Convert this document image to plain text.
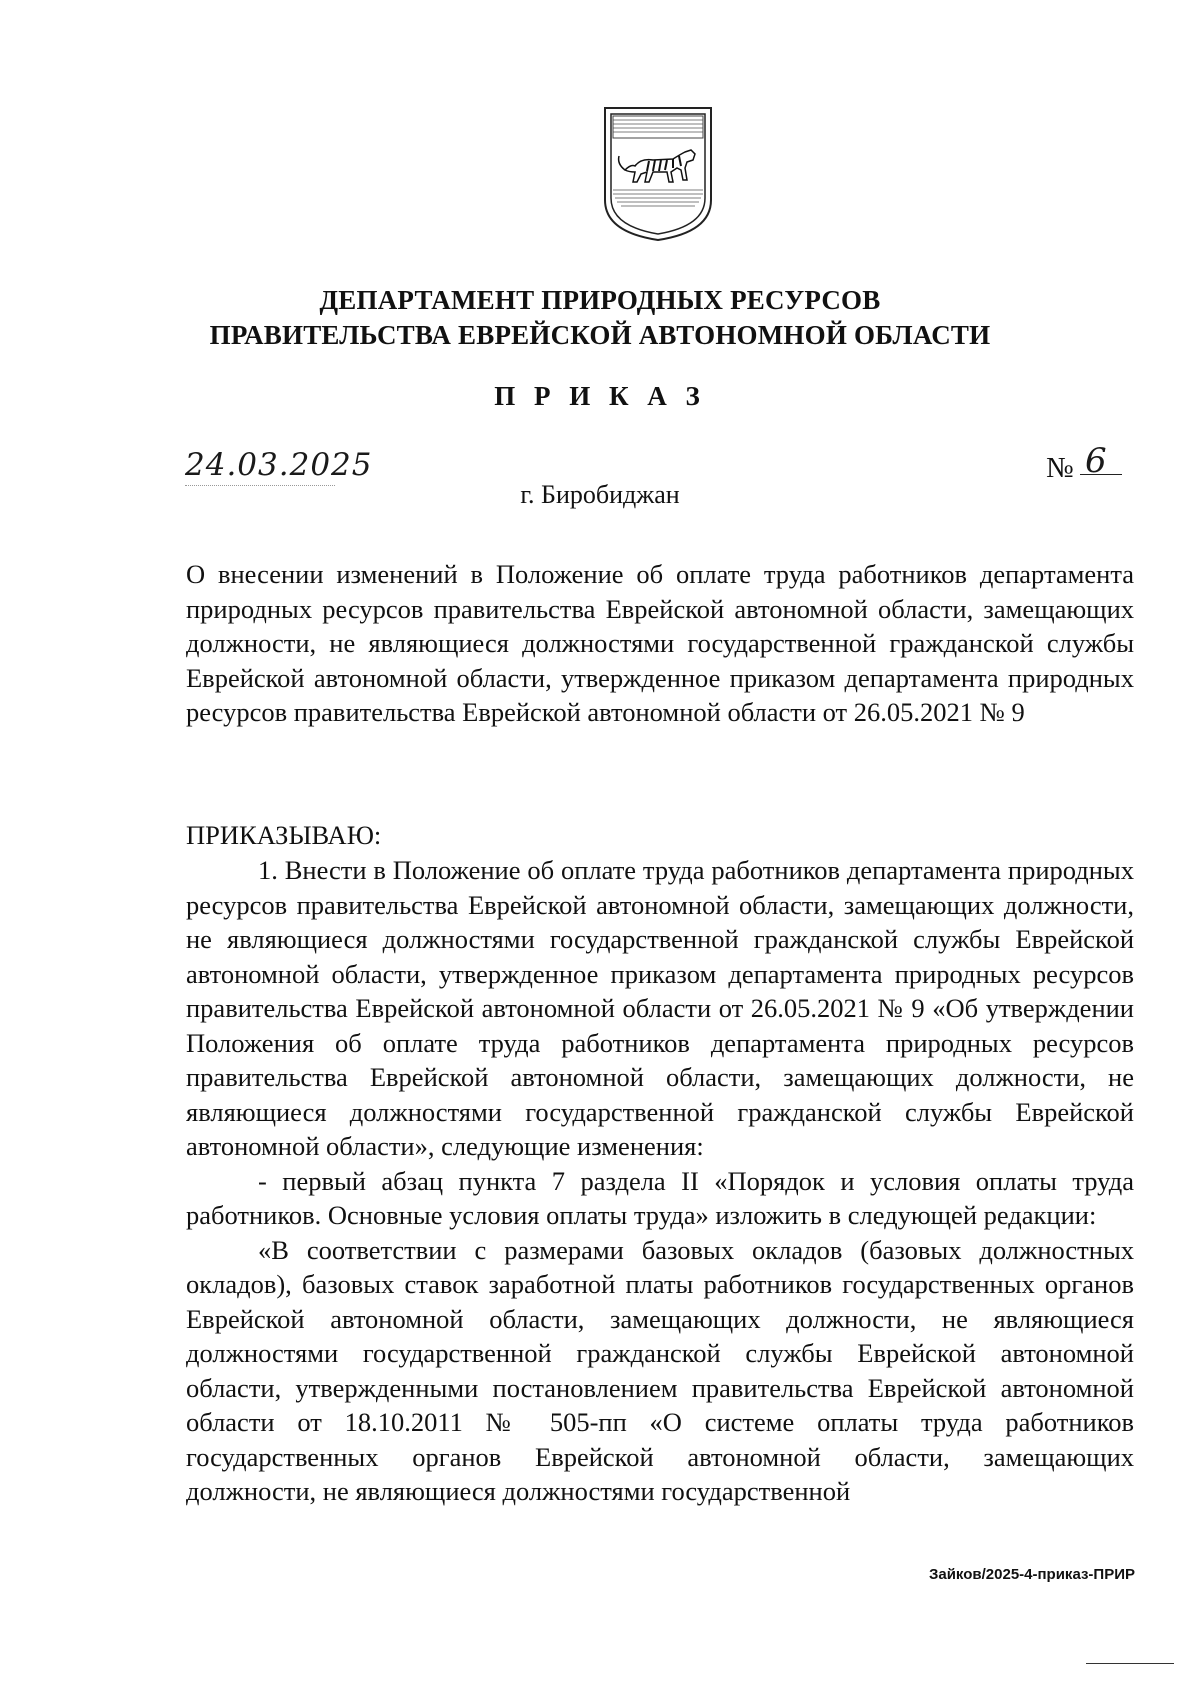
ДЕПАРТАМЕНТ ПРИРОДНЫХ РЕСУРСОВ
ПРАВИТЕЛЬСТВА ЕВРЕЙСКОЙ АВТОНОМНОЙ ОБЛАСТИ
П Р И К А З
24.03.2025	№ 6
г. Биробиджан

О внесении изменений в Положение об оплате труда работников департамента природных ресурсов правительства Еврейской автономной области, замещающих должности, не являющиеся должностями государственной гражданской службы Еврейской автономной области, утвержденное приказом департамента природных ресурсов правительства Еврейской автономной области от 26.05.2021 № 9

ПРИКАЗЫВАЮ:

1. Внести в Положение об оплате труда работников департамента природных ресурсов правительства Еврейской автономной области, замещающих должности, не являющиеся должностями государственной гражданской службы Еврейской автономной области, утвержденное приказом департамента природных ресурсов правительства Еврейской автономной области от 26.05.2021 № 9 «Об утверждении Положения об оплате труда работников департамента природных ресурсов правительства Еврейской автономной области, замещающих должности, не являющиеся должностями государственной гражданской службы Еврейской автономной области», следующие изменения:

- первый абзац пункта 7 раздела II «Порядок и условия оплаты труда работников. Основные условия оплаты труда» изложить в следующей редакции:

«В соответствии с размерами базовых окладов (базовых должностных окладов), базовых ставок заработной платы работников государственных органов Еврейской автономной области, замещающих должности, не являющиеся должностями государственной гражданской службы Еврейской автономной области, утвержденными постановлением правительства Еврейской автономной области от 18.10.2011 № 505-пп «О системе оплаты труда работников государственных органов Еврейской автономной области, замещающих должности, не являющиеся должностями государственной

Зайков/2025-4-приказ-ПРИР
